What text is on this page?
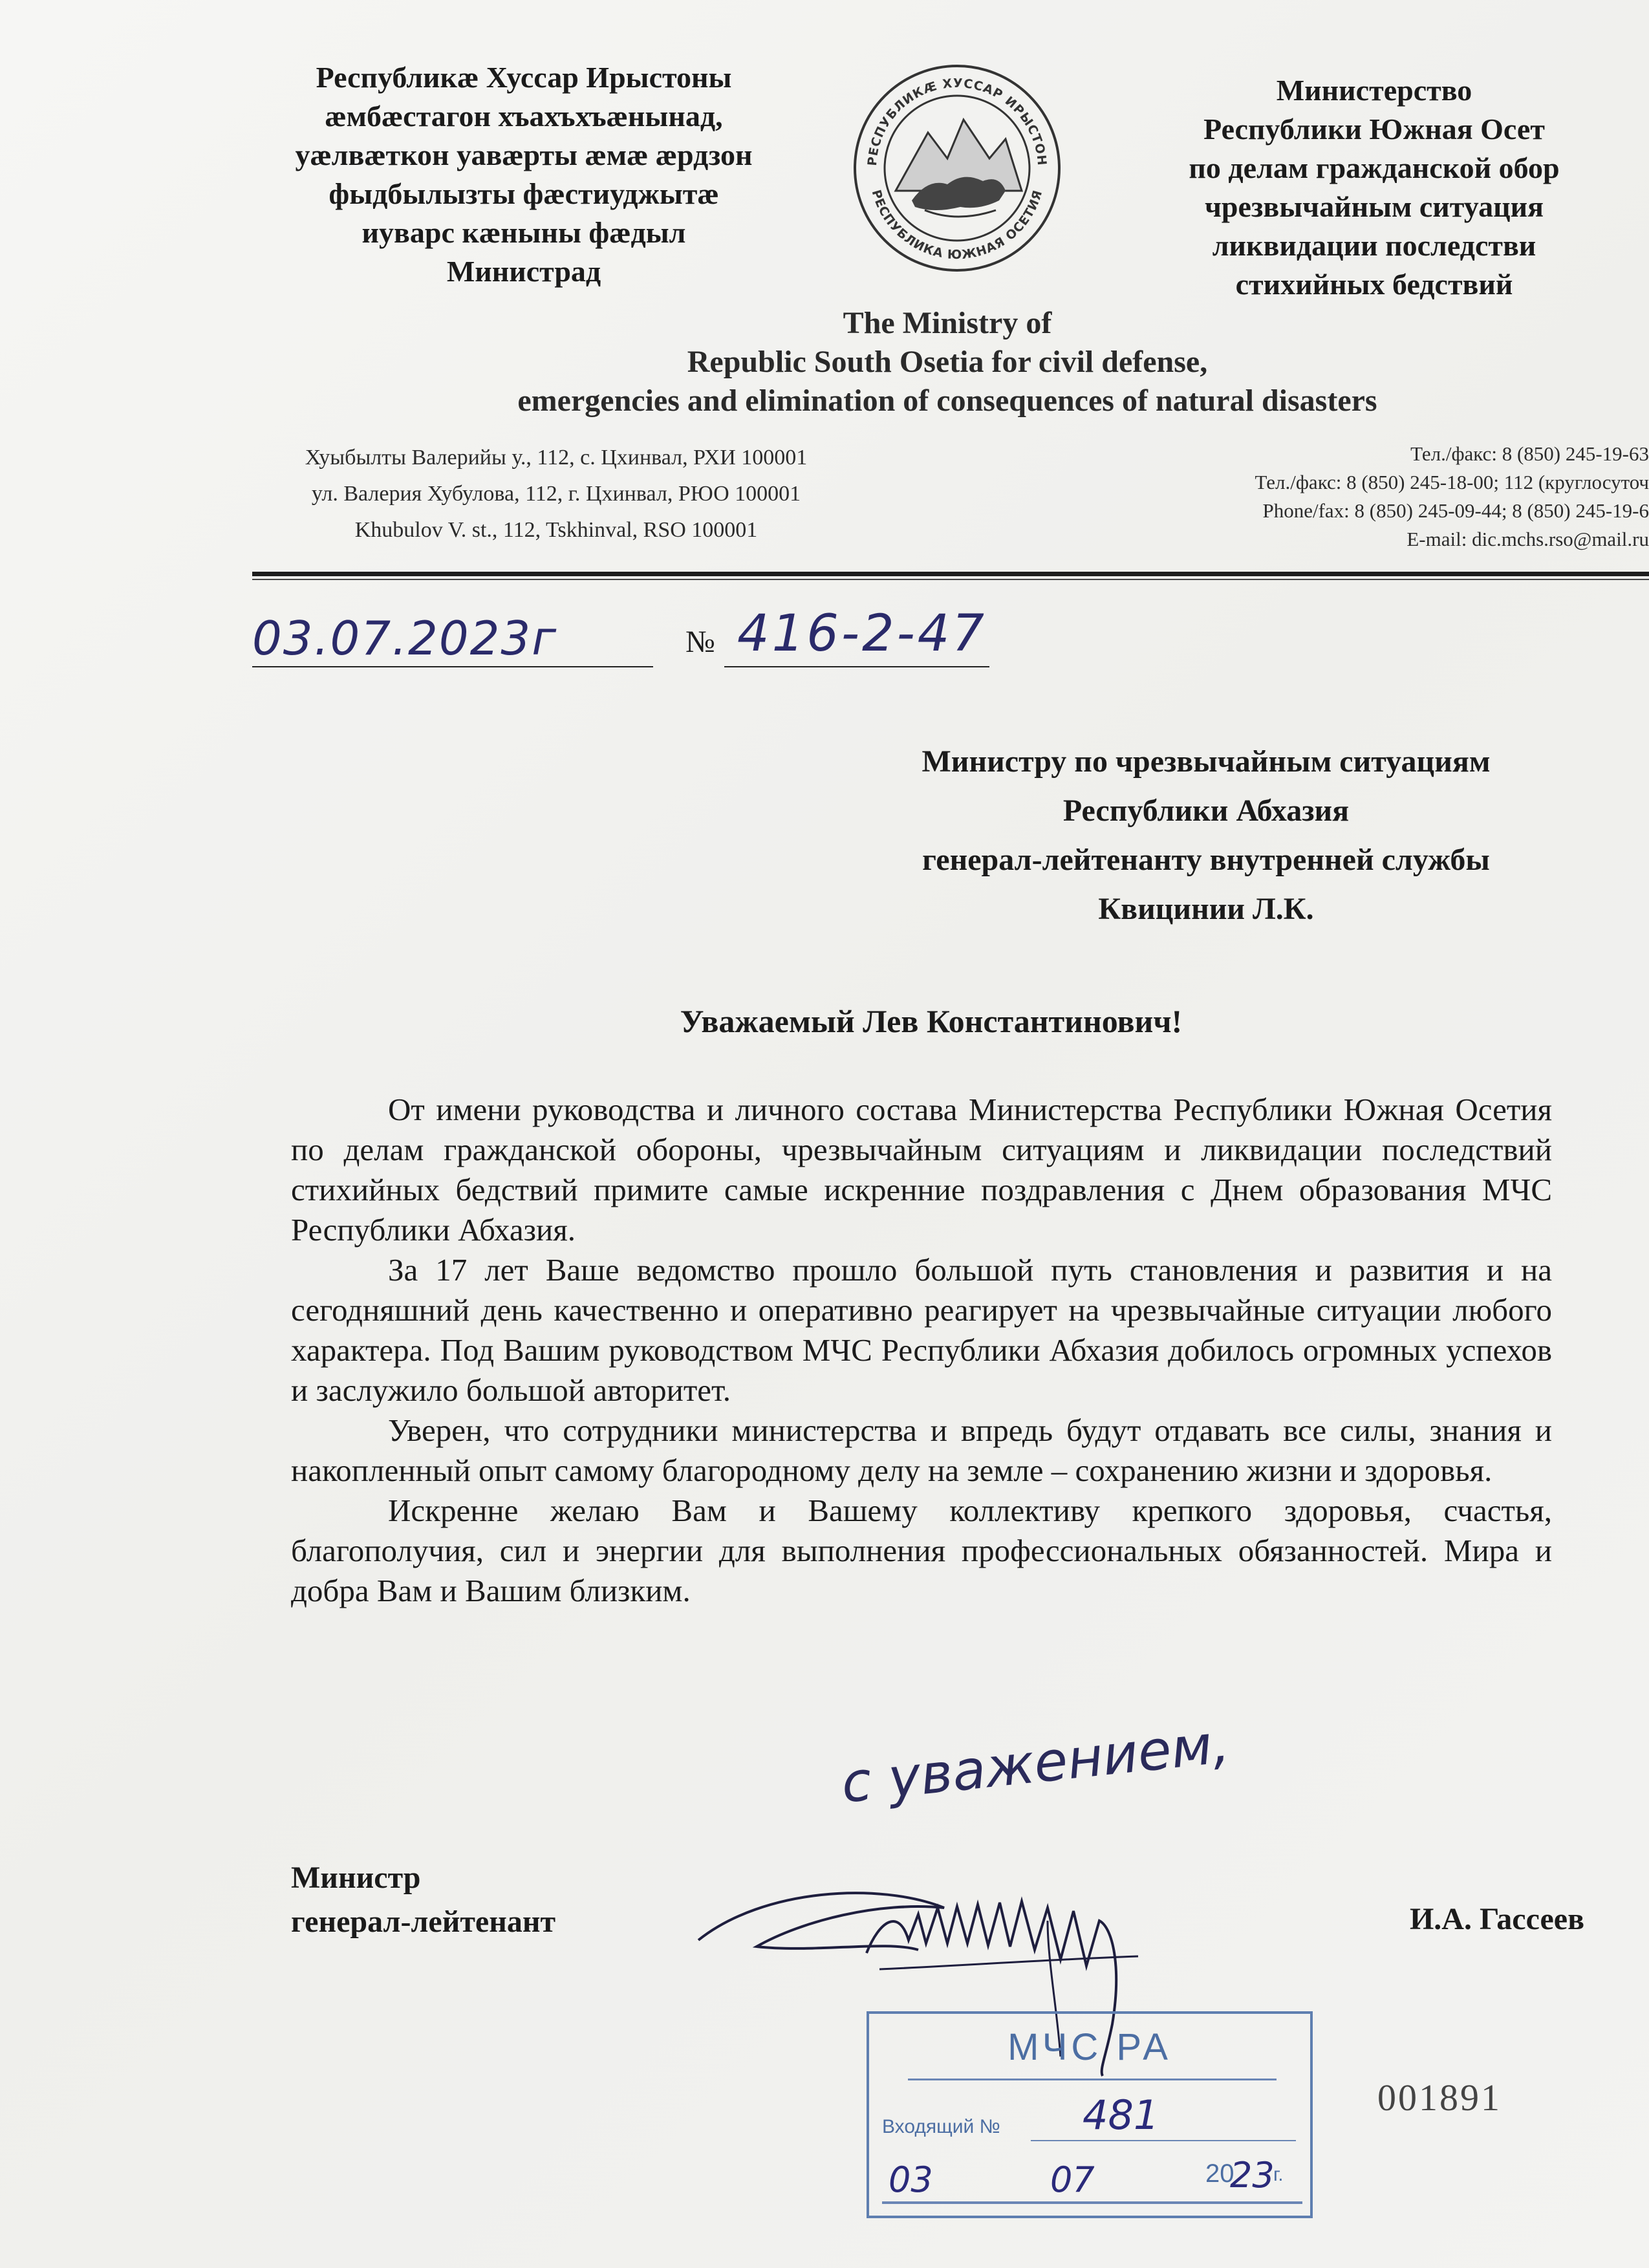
Республикæ Хуссар Ирыстоны
æмбæстагон хъахъхъæнынад,
уæлвæткон уавæрты æмæ æрдзон
фыдбылызты фæстиуджытæ
иуварс кæныны фæдыл
Министрад
РЕСПУБЛИКÆ ХУССАР ИРЫСТОН
РЕСПУБЛИКА ЮЖНАЯ ОСЕТИЯ
Министерство
Республики Южная Осет
по делам гражданской обор
чрезвычайным ситуация
ликвидации последстви
стихийных бедствий
The Ministry of
Republic South Osetia for civil defense,
emergencies and elimination of consequences of natural disasters
Хуыбылты Валерийы у., 112, с. Цхинвал, РХИ 100001
ул. Валерия Хубулова, 112, г. Цхинвал, РЮО 100001
Khubulov V. st., 112, Tskhinval, RSO 100001
Тел./факс: 8 (850) 245-19-63
Тел./факс: 8 (850) 245-18-00; 112 (круглосуточ
Phone/fax: 8 (850) 245-09-44; 8 (850) 245-19-6
E-mail: dic.mchs.rso@mail.ru
03.07.2023г	№ 416-2-47
Министру по чрезвычайным ситуациям
Республики Абхазия
генерал-лейтенанту внутренней службы
Квицинии Л.К.
Уважаемый Лев Константинович!

От имени руководства и личного состава Министерства Республики Южная Осетия по делам гражданской обороны, чрезвычайным ситуациям и ликвидации последствий стихийных бедствий примите самые искренние поздравления с Днем образования МЧС Республики Абхазия.

За 17 лет Ваше ведомство прошло большой путь становления и развития и на сегодняшний день качественно и оперативно реагирует на чрезвычайные ситуации любого характера. Под Вашим руководством МЧС Республики Абхазия добилось огромных успехов и заслужило большой авторитет.

Уверен, что сотрудники министерства и впредь будут отдавать все силы, знания и накопленный опыт самому благородному делу на земле – сохранению жизни и здоровья.

Искренне желаю Вам и Вашему коллективу крепкого здоровья, счастья, благополучия, сил и энергии для выполнения профессиональных обязанностей. Мира и добра Вам и Вашим близким.

с уважением,
Министр
генерал-лейтенант	И.А. Гассеев
МЧС РА
Входящий № 481
03	07	20
23
г.
001891
